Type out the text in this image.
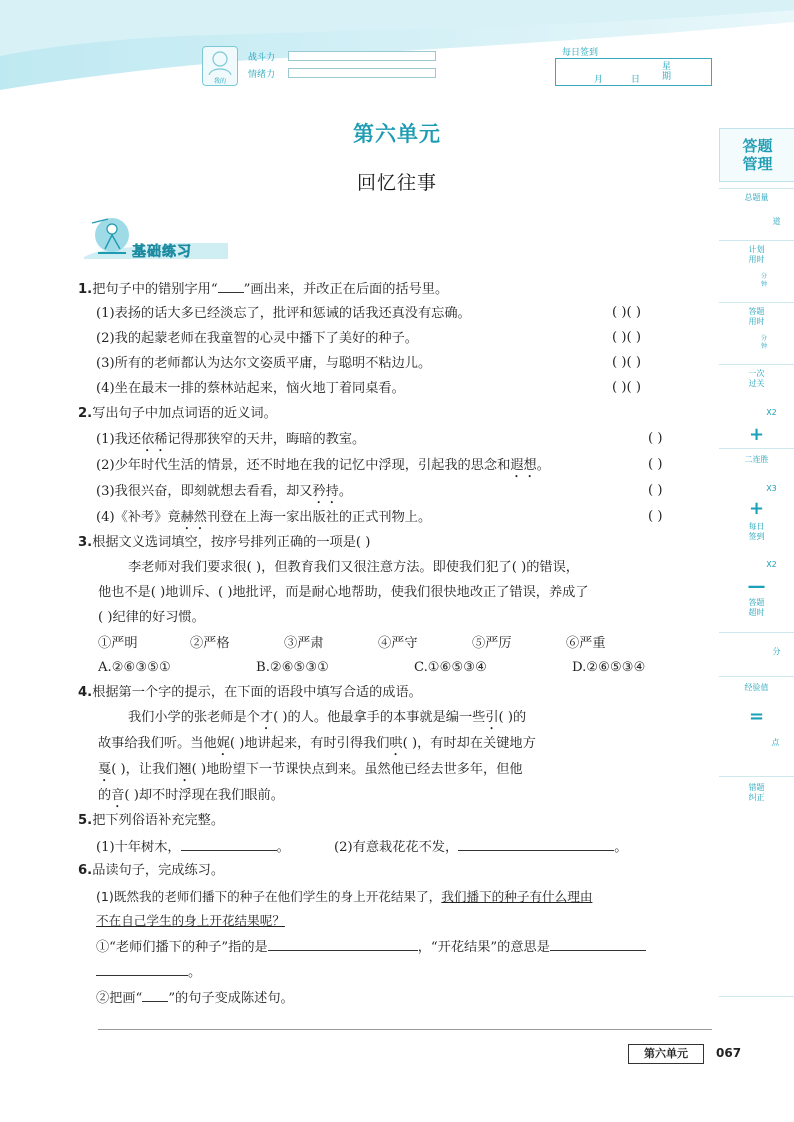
我的
战斗力
情绪力
每日签到
月	日
星期
第六单元
回忆往事
基础练习
答题
管理
总题量
道
计划
用时
分钟
答题
用时
分钟
一次
过关
X2
+
二连胜
X3
+
每日
签到
X2
—
答题
超时
分
经验值
=
点
错题
纠正
1.把句子中的错别字用“ ”画出来，并改正在后面的括号里。
(1)表扬的话大多已经淡忘了，批评和惩诫的话我还真没有忘确。	( )( )
(2)我的起蒙老师在我童智的心灵中播下了美好的种子。	( )( )
(3)所有的老师都认为达尔文姿质平庸，与聪明不粘边儿。	( )( )
(4)坐在最末一排的蔡林站起来，恼火地丁着同桌看。	( )( )
2.写出句子中加点词语的近义词。
(1)我还依稀记得那狭窄的天井，晦暗的教室。	( )
(2)少年时代生活的情景，还不时地在我的记忆中浮现，引起我的思念和遐想。	( )
(3)我很兴奋，即刻就想去看看，却又矜持。	( )
(4)《补考》竟赫然刊登在上海一家出版社的正式刊物上。	( )
3.根据文义选词填空，按序号排列正确的一项是( )
李老师对我们要求很( )，但教育我们又很注意方法。即使我们犯了( )的错误，
他也不是( )地训斥、( )地批评，而是耐心地帮助，使我们很快地改正了错误，养成了
( )纪律的好习惯。
①严明	②严格	③严肃	④严守	⑤严厉	⑥严重
A.②⑥③⑤①	B.②⑥⑤③①	C.①⑥⑤③④	D.②⑥⑤③④
4.根据第一个字的提示，在下面的语段中填写合适的成语。
我们小学的张老师是个才( )的人。他最拿手的本事就是编一些引( )的
故事给我们听。当他娓( )地讲起来，有时引得我们哄( )，有时却在关键地方
戛( )，让我们翘( )地盼望下一节课快点到来。虽然他已经去世多年，但他
的音( )却不时浮现在我们眼前。
5.把下列俗语补充完整。
(1)十年树木，	。	(2)有意栽花花不发，	。
6.品读句子，完成练习。
(1)既然我的老师们播下的种子在他们学生的身上开花结果了，我们播下的种子有什么理由
不在自己学生的身上开花结果呢？
①“老师们播下的种子”指的是	，“开花结果”的意思是
。
②把画“ ”的句子变成陈述句。
第六单元	067
